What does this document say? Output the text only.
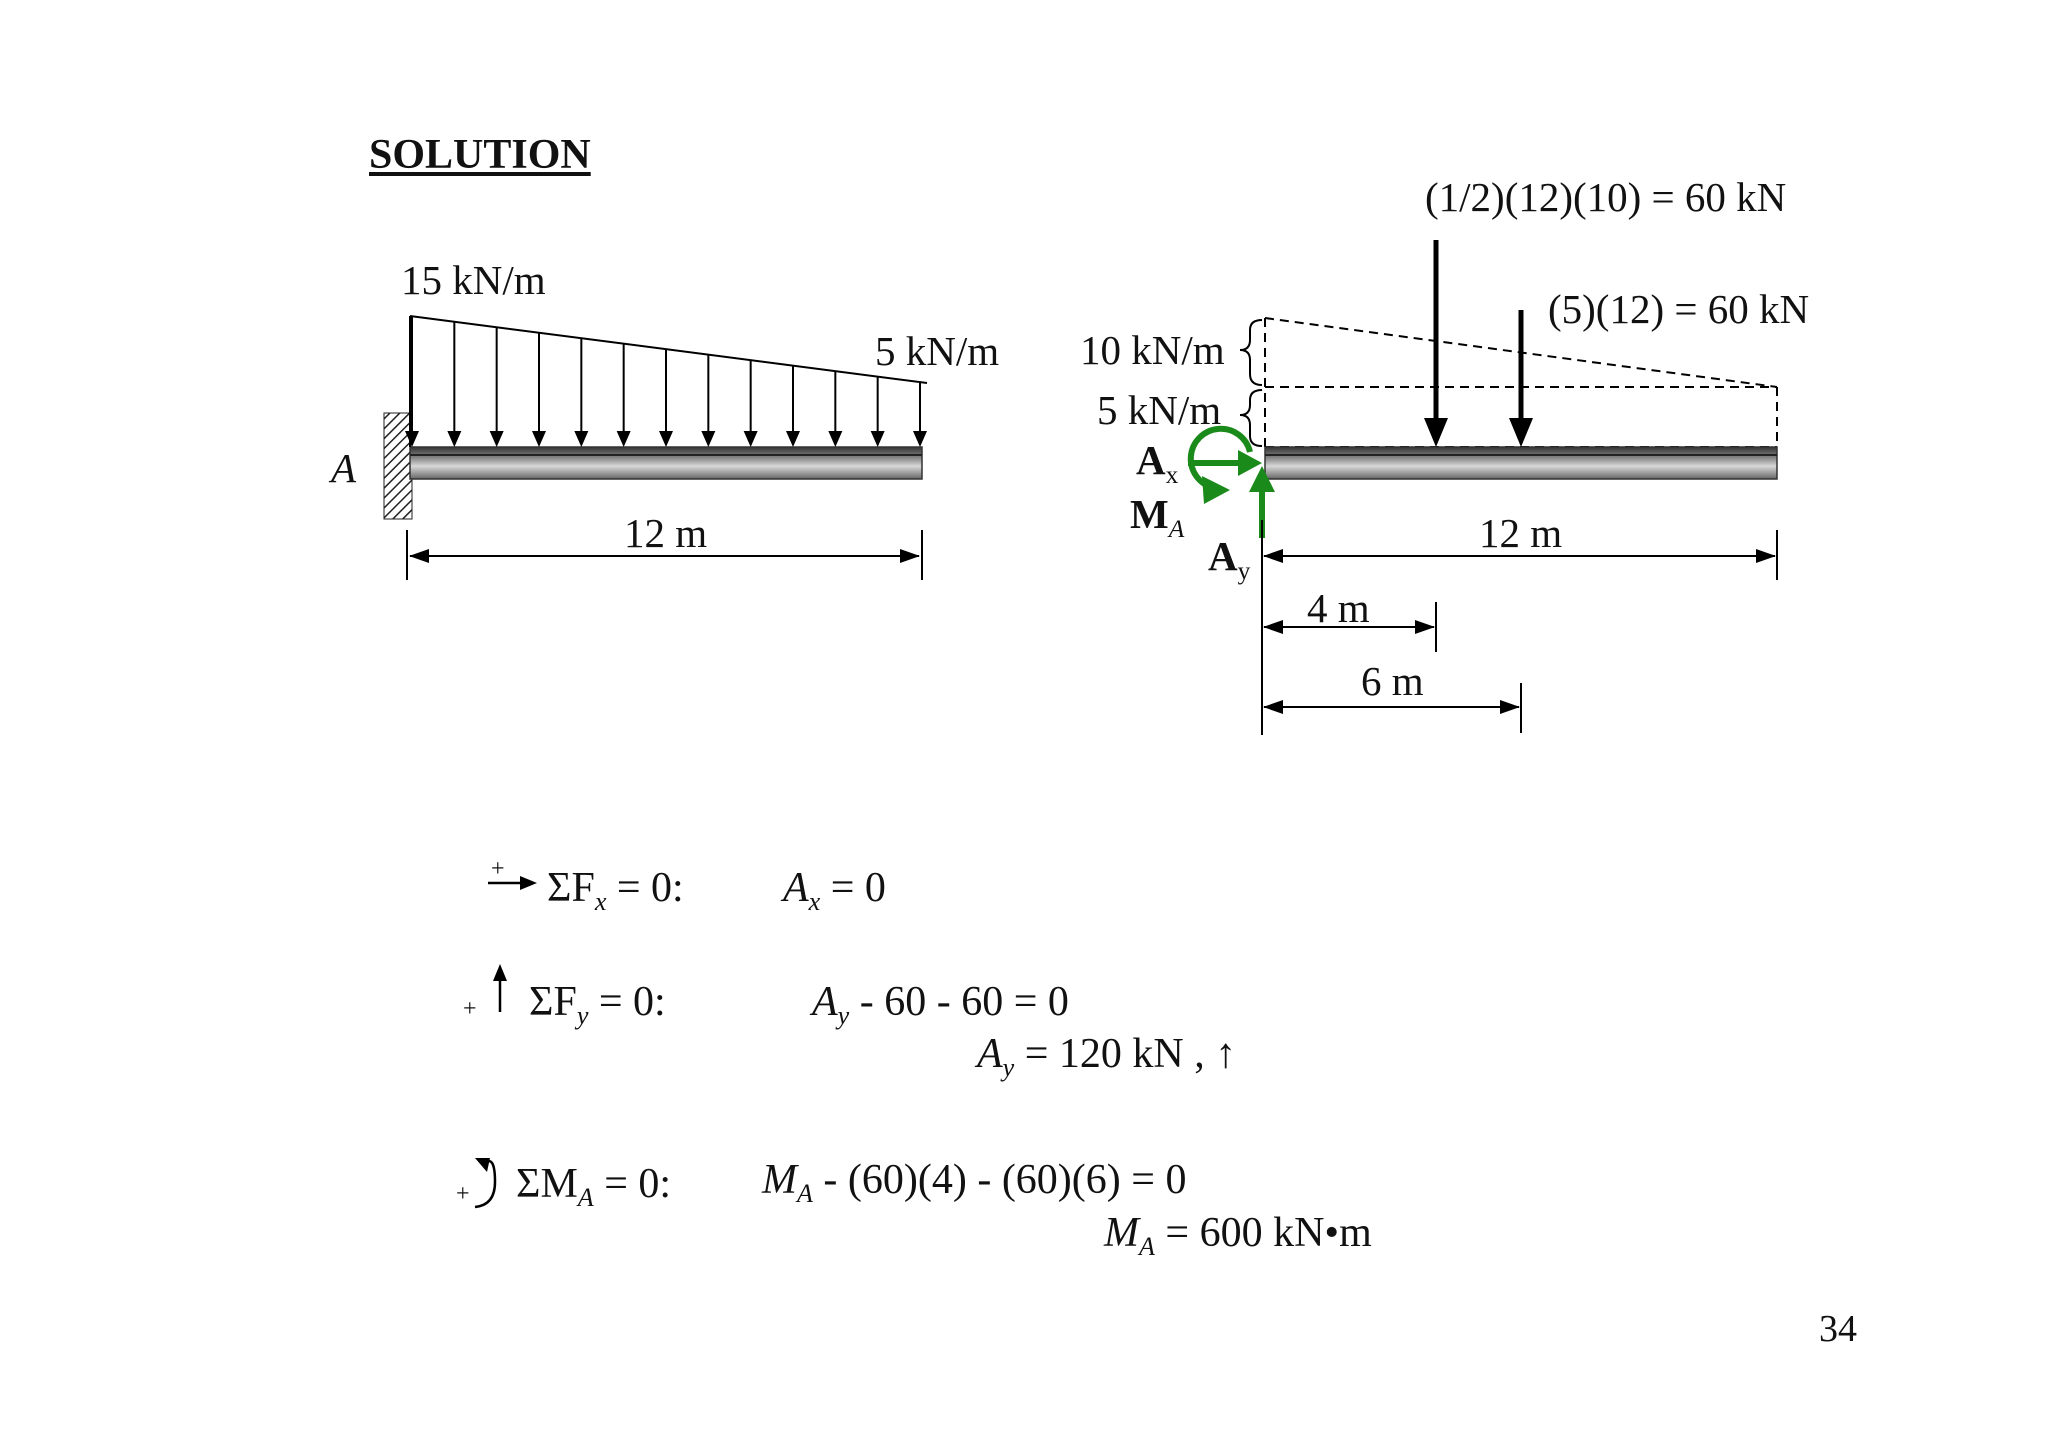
SOLUTION
A
15 kN/m
5 kN/m
12 m
(1/2)(12)(10) = 60 kN
(5)(12) = 60 kN
10 kN/m
5 kN/m
$A_x$
$M_A$
$A_y$
12 m
4 m
6 m
+ $\Sigma F_x = 0$: $A_x = 0$
+ $\Sigma F_y = 0$:	$A_y - 60 - 60 = 0$
$A_y = 120$ kN , ↑
+ $\Sigma M_A = 0$: $M_A - (60)(4) - (60)(6) = 0$
$M_A = 600$ kN•m
34
